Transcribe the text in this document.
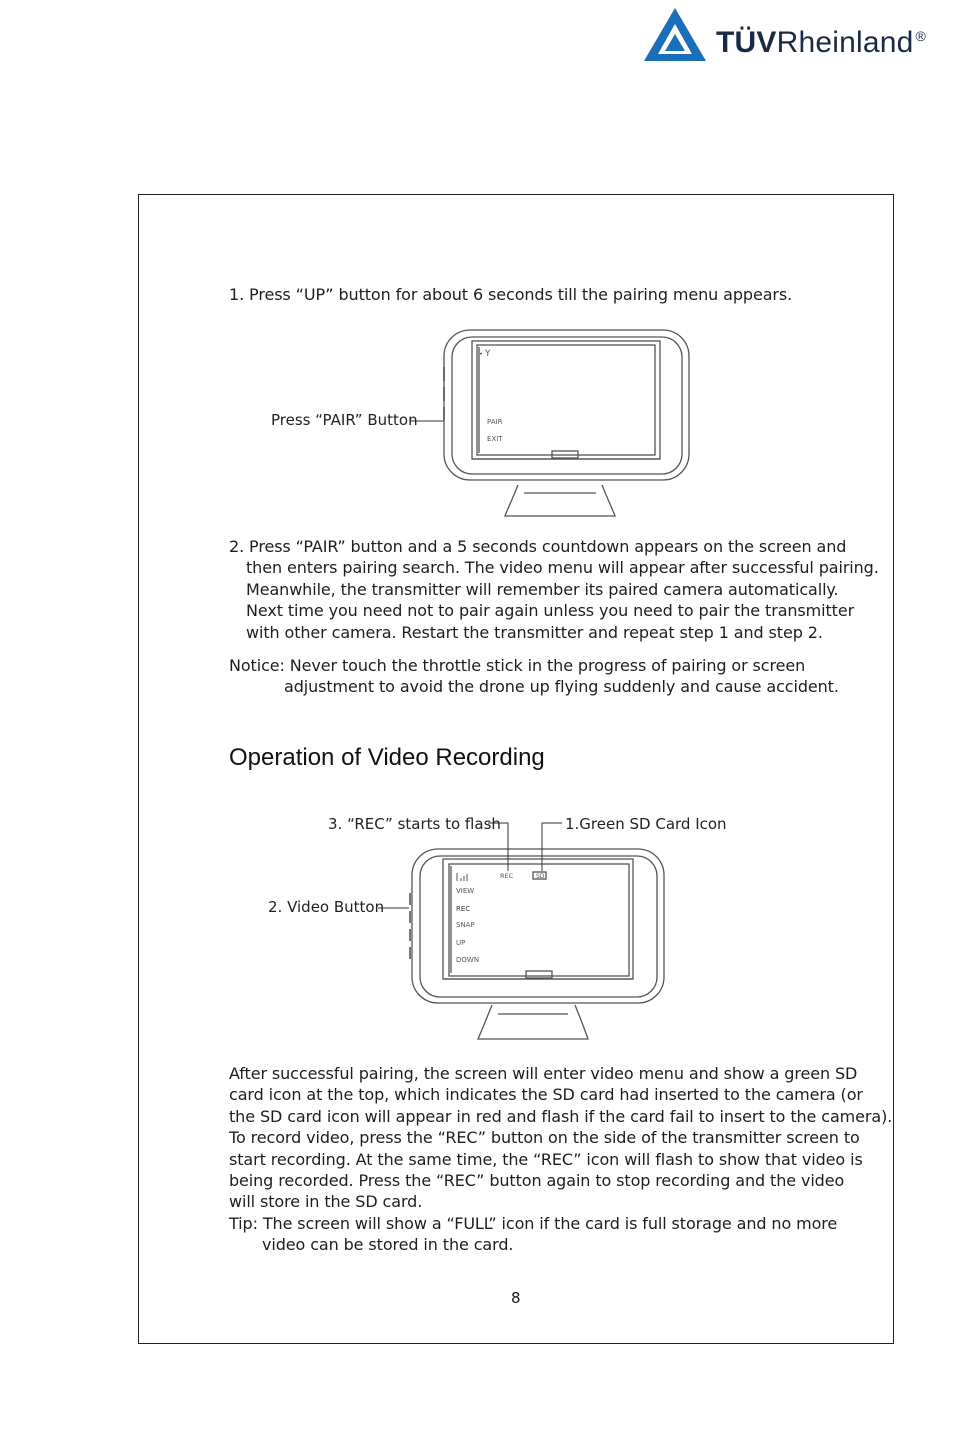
TÜVRheinland ®
1. Press “UP” button for about 6 seconds till the pairing menu appears.
PAIR
EXIT
Y
Press “PAIR” Button
2. Press “PAIR” button and a 5 seconds countdown appears on the screen and
then enters pairing search. The video menu will appear after successful pairing.
Meanwhile, the transmitter will remember its paired camera automatically.
Next time you need not to pair again unless you need to pair the transmitter
with other camera. Restart the transmitter and repeat step 1 and step 2.
Notice: Never touch the throttle stick in the progress of pairing or screen
adjustment to avoid the drone up flying suddenly and cause accident.
Operation of Video Recording
REC	SD
VIEW
REC
SNAP
UP
DOWN
3. “REC” starts to flash	1.Green SD Card Icon
2. Video Button
After successful pairing, the screen will enter video menu and show a green SD
card icon at the top, which indicates the SD card had inserted to the camera (or
the SD card icon will appear in red and flash if the card fail to insert to the camera).
To record video, press the “REC” button on the side of the transmitter screen to
start recording. At the same time, the “REC” icon will flash to show that video is
being recorded. Press the “REC” button again to stop recording and the video
will store in the SD card.
Tip: The screen will show a “FULL” icon if the card is full storage and no more
video can be stored in the card.
8
